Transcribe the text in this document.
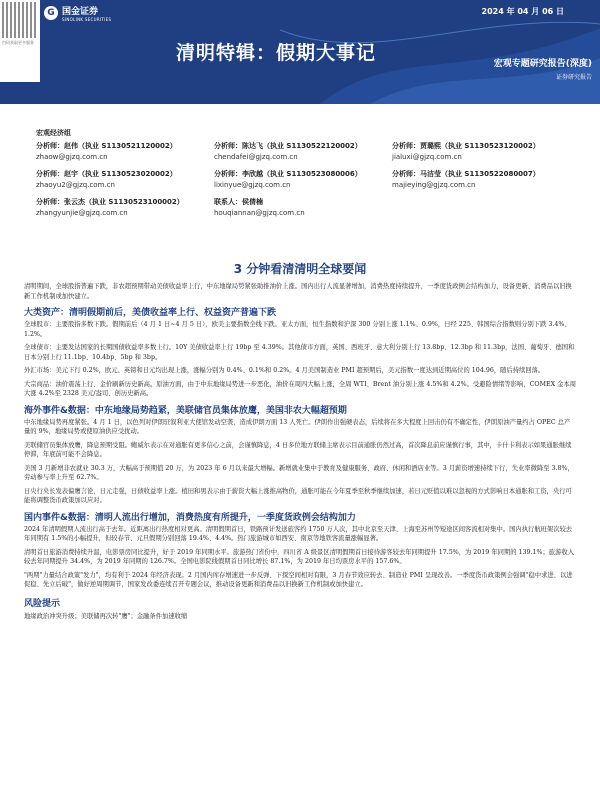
扫码获取更多服务
G 国金证券
SINOLINK SECURITIES
2024 年 04 月 06 日
清明特辑：假期大事记	宏观专题研究报告(深度)
证券研究报告
宏观经济组
分析师：赵伟（执业 S1130521120002）
zhaow@gjzq.com.cn
分析师：陈达飞（执业 S1130522120002）
chendafei@gjzq.com.cn
分析师：贾璐熙（执业 S1130523120002）
jialuxi@gjzq.com.cn
分析师：赵宇（执业 S1130523020002）
zhaoyu2@gjzq.com.cn
分析师：李欣越（执业 S1130523080006）
lixinyue@gjzq.com.cn
分析师：马洁莹（执业 S1130522080007）
majieying@gjzq.com.cn
分析师：张云杰（执业 S1130523100002）
zhangyunjie@gjzq.com.cn
联系人：侯倩楠
houqiannan@gjzq.com.cn
3 分钟看清清明全球要闻

清明期间，全球股指普遍下跌，非农超预期带动美债收益率上行，中东地缘局势紧张助推油价上涨。国内出行人流显著增加，消费热度持续提升，一季度货政例会结构加力，设备更新、消费品以旧换新工作机制或加快建立。

大类资产：清明假期前后，美债收益率上行、权益资产普遍下跌

全球股市：主要股指多数下跌。假期前后（4 月 1 日~4 月 5 日），欧美主要指数全线下跌。亚太方面，恒生指数和沪深 300 分别上涨 1.1%、0.9%，日经 225、韩国综合指数则分别下跌 3.4%、1.2%。

全球债市：主要发达国家的长期国债收益率多数上行。10Y 美债收益率上行 19bp 至 4.39%。其他债市方面，英国、西班牙、意大利分别上行 13.8bp、12.3bp 和 11.3bp，法国、葡萄牙、德国和日本分别上行 11.1bp、10.4bp、5bp 和 3bp。

外汇市场：美元下行 0.2%，欧元、英镑和日元均出现上涨，涨幅分别为 0.4%、0.1%和 0.2%。4 月美国制造业 PMI 超预期后，美元指数一度达到近期高位的 104.96，随后持续回落。

大宗商品：油价震荡上行、金价刷新历史新高。原油方面，由于中东地缘局势进一步恶化，油价在周四大幅上涨，全周 WTI、Brent 油分别上涨 4.5%和 4.2%。受避险情绪等影响，COMEX 金本周大涨 4.2%至 2328 美元/盎司、创历史新高。

海外事件&数据：中东地缘局势趋紧，美联储官员集体放鹰，美国非农大幅超预期

中东地缘局势再度紧张。4 月 1 日，以色列对伊朗驻叙利亚大使馆发动空袭，造成伊朗方面 13 人死亡。伊朗作出强硬表态，后续将在多大程度上回击仍有不确定性，伊朗原油产量约占 OPEC 总产量的 9%，地缘局势或使原油供应受扰动。

美联储官员集体放鹰，降息预期受阻。鲍威尔表示在对通胀有更多信心之前，会谨慎降息，4 日多位地方联储主席表示目前通胀仍然过高，首次降息前应谨慎行事，其中，卡什卡利表示如果通胀继续停滞，年底前可能不会降息。

美国 3 月新增非农就业 30.3 万，大幅高于预期值 20 万，为 2023 年 6 月以来最大增幅。新增就业集中于教育及健康服务、政府、休闲和酒店业等。3 月薪资增速持续下行，失业率微降至 3.8%，劳动参与率上升至 62.7%。

日央行央长发表偏鹰言论，日元走强，日债收益率上涨。植田和男表示由于薪资大幅上涨推高物价，通胀可能在今年夏季至秋季继续加速，若日元贬值以难以忽视的方式影响日本通胀和工资，央行可能将调整货币政策加以应对。

国内事件&数据：清明人流出行增加，消费热度有所提升，一季度货政例会结构加力

2024 年清明假期人流出行高于去年。近距离出行热度相对更高。清明假期首日，铁路预计发送旅客约 1750 万人次，其中北京至天津、上海至苏州等短途区间客流相对集中。国内执行航班架次较去年同期有 1.5%的小幅提升，但较春节、元旦假期分别回落 19.4%、4.4%。热门旅游城市如西安、南京等地铁客流量涨幅显著。

清明首日旅游消费持续升温，电影票房同比提升，好于 2019 年同期水平。旅游热门省份中，四川省 A 级景区清明假期首日接待游客较去年同期提升 17.5%，为 2019 年同期的 139.1%；旅游收入较去年同期提升 34.4%，为 2019 年同期的 126.7%。全国电影院线假期首日同比增长 87.1%，为 2019 年日均票房水平的 157.6%。

"两期"力量结合政策"发力"，均有利于 2024 年经济表现。2 月国内库存增速进一步反弹、下探空间相对有限，3 月春节效应转去、制造业 PMI 呈现改善。一季度货币政策例会强调"稳中求进、以进促稳、先立后破"，做好逆周期调节，国家发改委连续召开专题会议，推动设备更新和消费品以旧换新工作机制或加快建立。

风险提示

地缘政治冲突升级；美联储再次转"鹰"；金融条件加速收缩
